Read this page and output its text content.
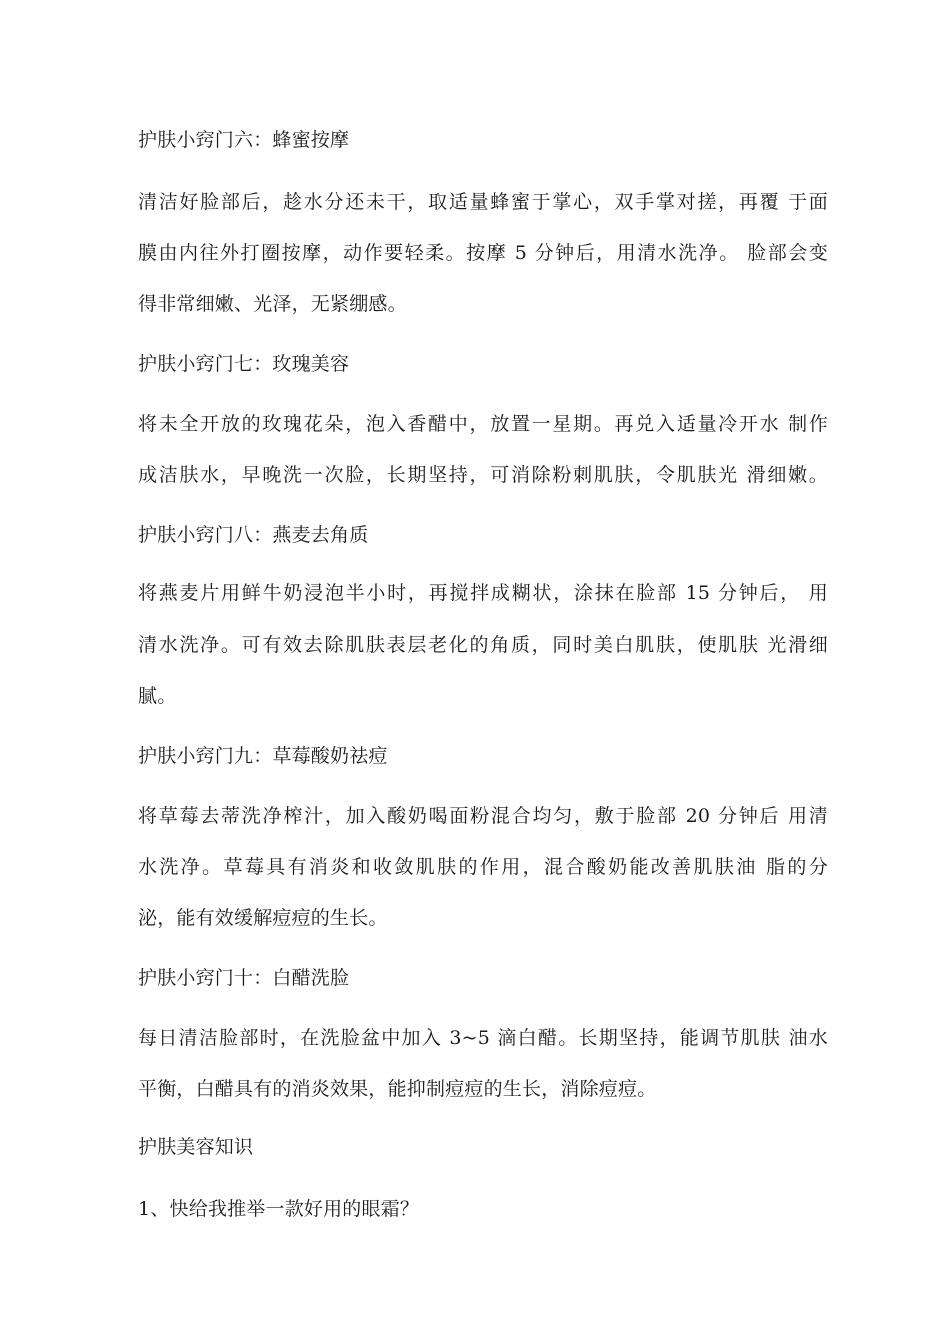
护肤小窍门六：蜂蜜按摩
清洁好脸部后，趁水分还未干，取适量蜂蜜于掌心，双手掌对搓，再覆 于面
膜由内往外打圈按摩，动作要轻柔。按摩 5 分钟后，用清水洗净。 脸部会变
得非常细嫩、光泽，无紧绷感。
护肤小窍门七：玫瑰美容
将未全开放的玫瑰花朵，泡入香醋中，放置一星期。再兑入适量冷开水 制作
成洁肤水，早晚洗一次脸，长期坚持，可消除粉刺肌肤，令肌肤光 滑细嫩。
护肤小窍门八：燕麦去角质
将燕麦片用鲜牛奶浸泡半小时，再搅拌成糊状，涂抹在脸部 15 分钟后， 用
清水洗净。可有效去除肌肤表层老化的角质，同时美白肌肤，使肌肤 光滑细
腻。
护肤小窍门九：草莓酸奶祛痘
将草莓去蒂洗净榨汁，加入酸奶喝面粉混合均匀，敷于脸部 20 分钟后 用清
水洗净。草莓具有消炎和收敛肌肤的作用，混合酸奶能改善肌肤油 脂的分
泌，能有效缓解痘痘的生长。
护肤小窍门十：白醋洗脸
每日清洁脸部时，在洗脸盆中加入 3~5 滴白醋。长期坚持，能调节肌肤 油水
平衡，白醋具有的消炎效果，能抑制痘痘的生长，消除痘痘。
护肤美容知识
1、快给我推举一款好用的眼霜？
